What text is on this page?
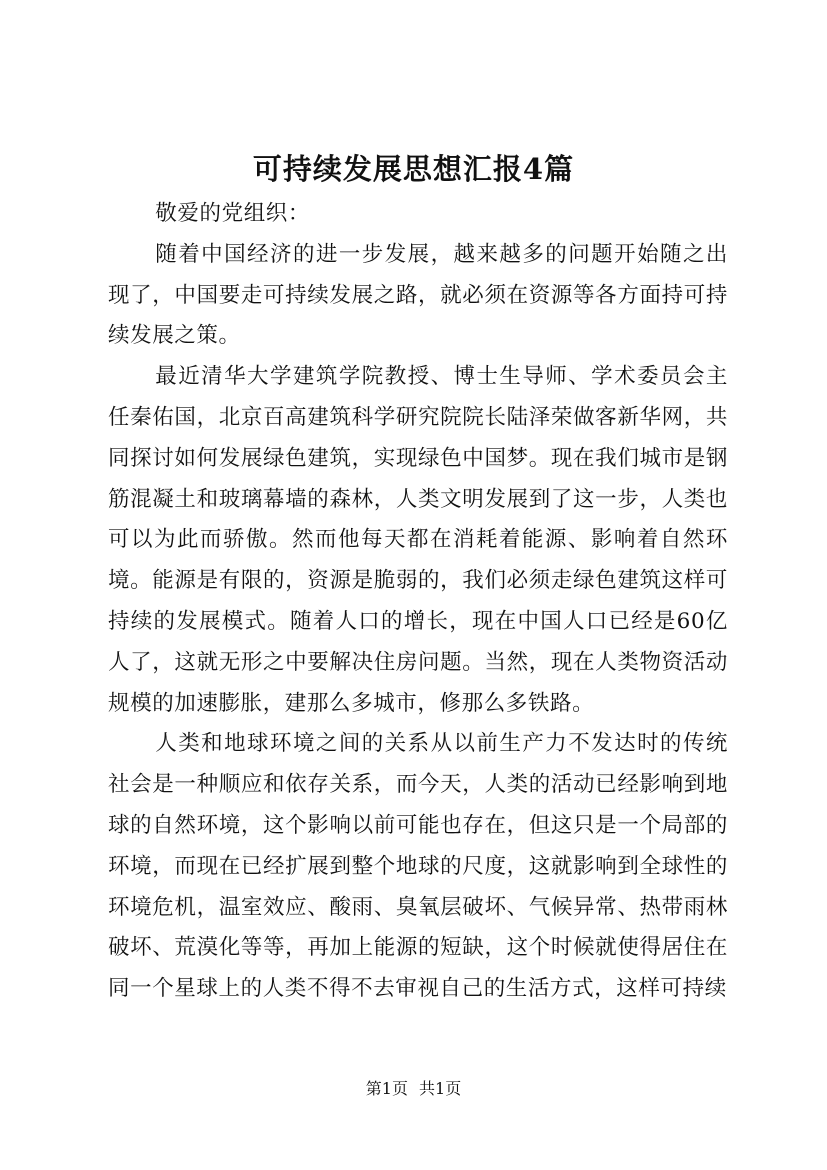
可持续发展思想汇报4篇
敬爱的党组织：

随着中国经济的进一步发展，越来越多的问题开始随之出现了，中国要走可持续发展之路，就必须在资源等各方面持可持续发展之策。

最近清华大学建筑学院教授、博士生导师、学术委员会主任秦佑国，北京百高建筑科学研究院院长陆泽荣做客新华网，共同探讨如何发展绿色建筑，实现绿色中国梦。现在我们城市是钢筋混凝土和玻璃幕墙的森林，人类文明发展到了这一步，人类也可以为此而骄傲。然而他每天都在消耗着能源、影响着自然环境。能源是有限的，资源是脆弱的，我们必须走绿色建筑这样可持续的发展模式。随着人口的增长，现在中国人口已经是60亿人了，这就无形之中要解决住房问题。当然，现在人类物资活动规模的加速膨胀，建那么多城市，修那么多铁路。

人类和地球环境之间的关系从以前生产力不发达时的传统社会是一种顺应和依存关系，而今天，人类的活动已经影响到地球的自然环境，这个影响以前可能也存在，但这只是一个局部的环境，而现在已经扩展到整个地球的尺度，这就影响到全球性的环境危机，温室效应、酸雨、臭氧层破坏、气候异常、热带雨林破坏、荒漠化等等，再加上能源的短缺，这个时候就使得居住在同一个星球上的人类不得不去审视自己的生活方式，这样可持续

第1页 共1页
